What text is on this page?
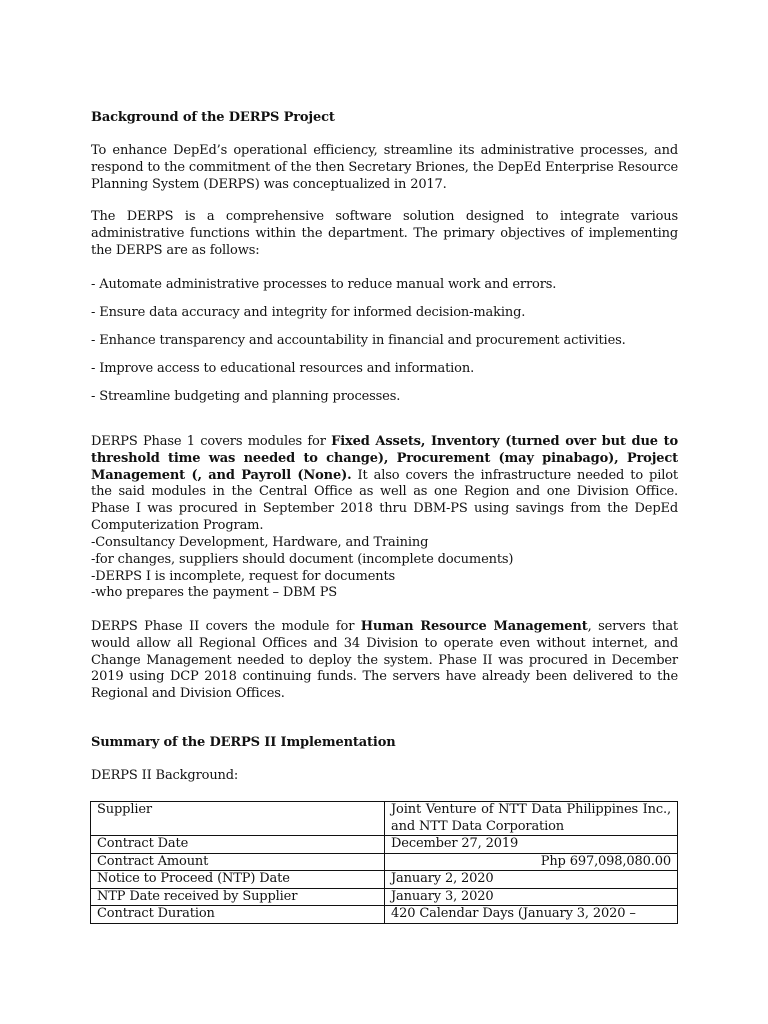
Background of the DERPS Project

To enhance DepEd’s operational efficiency, streamline its administrative processes, and respond to the commitment of the then Secretary Briones, the DepEd Enterprise Resource Planning System (DERPS) was conceptualized in 2017.

The DERPS is a comprehensive software solution designed to integrate various administrative functions within the department. The primary objectives of implementing the DERPS are as follows:

- Automate administrative processes to reduce manual work and errors.

- Ensure data accuracy and integrity for informed decision-making.

- Enhance transparency and accountability in financial and procurement activities.

- Improve access to educational resources and information.

- Streamline budgeting and planning processes.

DERPS Phase 1 covers modules for Fixed Assets, Inventory (turned over but due to threshold time was needed to change), Procurement (may pinabago), Project Management (, and Payroll (None). It also covers the infrastructure needed to pilot the said modules in the Central Office as well as one Region and one Division Office. Phase I was procured in September 2018 thru DBM-PS using savings from the DepEd Computerization Program.

-Consultancy Development, Hardware, and Training

-for changes, suppliers should document (incomplete documents)

-DERPS I is incomplete, request for documents

-who prepares the payment – DBM PS

DERPS Phase II covers the module for Human Resource Management, servers that would allow all Regional Offices and 34 Division to operate even without internet, and Change Management needed to deploy the system. Phase II was procured in December 2019 using DCP 2018 continuing funds. The servers have already been delivered to the Regional and Division Offices.

Summary of the DERPS II Implementation

DERPS II Background:

Supplier	Joint Venture of NTT Data Philippines Inc., and NTT Data Corporation
Contract Date	December 27, 2019
Contract Amount	Php 697,098,080.00
Notice to Proceed (NTP) Date	January 2, 2020
NTP Date received by Supplier	January 3, 2020
Contract Duration	420 Calendar Days (January 3, 2020 –
